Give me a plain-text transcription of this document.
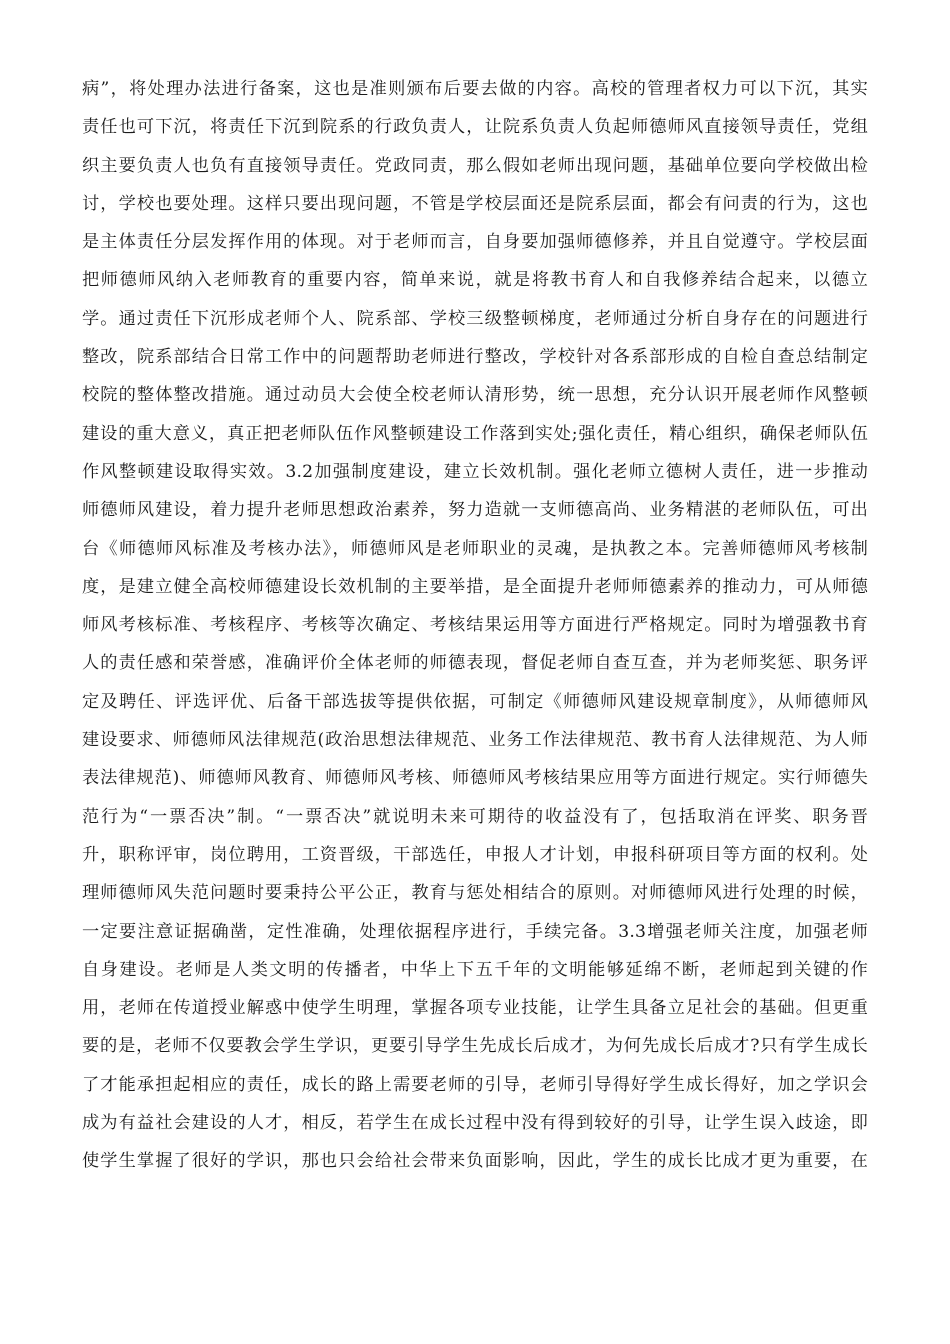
病”，将处理办法进行备案，这也是准则颁布后要去做的内容。高校的管理者权力可以下沉，其实
责任也可下沉，将责任下沉到院系的行政负责人，让院系负责人负起师德师风直接领导责任，党组
织主要负责人也负有直接领导责任。党政同责，那么假如老师出现问题，基础单位要向学校做出检
讨，学校也要处理。这样只要出现问题，不管是学校层面还是院系层面，都会有问责的行为，这也
是主体责任分层发挥作用的体现。对于老师而言，自身要加强师德修养，并且自觉遵守。学校层面
把师德师风纳入老师教育的重要内容，简单来说，就是将教书育人和自我修养结合起来，以德立
学。通过责任下沉形成老师个人、院系部、学校三级整顿梯度，老师通过分析自身存在的问题进行
整改，院系部结合日常工作中的问题帮助老师进行整改，学校针对各系部形成的自检自查总结制定
校院的整体整改措施。通过动员大会使全校老师认清形势，统一思想，充分认识开展老师作风整顿
建设的重大意义，真正把老师队伍作风整顿建设工作落到实处;强化责任，精心组织，确保老师队伍
作风整顿建设取得实效。3.2加强制度建设，建立长效机制。强化老师立德树人责任，进一步推动
师德师风建设，着力提升老师思想政治素养，努力造就一支师德高尚、业务精湛的老师队伍，可出
台《师德师风标准及考核办法》，师德师风是老师职业的灵魂，是执教之本。完善师德师风考核制
度，是建立健全高校师德建设长效机制的主要举措，是全面提升老师师德素养的推动力，可从师德
师风考核标准、考核程序、考核等次确定、考核结果运用等方面进行严格规定。同时为增强教书育
人的责任感和荣誉感，准确评价全体老师的师德表现，督促老师自查互查，并为老师奖惩、职务评
定及聘任、评选评优、后备干部选拔等提供依据，可制定《师德师风建设规章制度》，从师德师风
建设要求、师德师风法律规范(政治思想法律规范、业务工作法律规范、教书育人法律规范、为人师
表法律规范)、师德师风教育、师德师风考核、师德师风考核结果应用等方面进行规定。实行师德失
范行为“一票否决”制。“一票否决”就说明未来可期待的收益没有了，包括取消在评奖、职务晋
升，职称评审，岗位聘用，工资晋级，干部选任，申报人才计划，申报科研项目等方面的权利。处
理师德师风失范问题时要秉持公平公正，教育与惩处相结合的原则。对师德师风进行处理的时候，
一定要注意证据确凿，定性准确，处理依据程序进行，手续完备。3.3增强老师关注度，加强老师
自身建设。老师是人类文明的传播者，中华上下五千年的文明能够延绵不断，老师起到关键的作
用，老师在传道授业解惑中使学生明理，掌握各项专业技能，让学生具备立足社会的基础。但更重
要的是，老师不仅要教会学生学识，更要引导学生先成长后成才，为何先成长后成才?只有学生成长
了才能承担起相应的责任，成长的路上需要老师的引导，老师引导得好学生成长得好，加之学识会
成为有益社会建设的人才，相反，若学生在成长过程中没有得到较好的引导，让学生误入歧途，即
使学生掌握了很好的学识，那也只会给社会带来负面影响，因此，学生的成长比成才更为重要，在
